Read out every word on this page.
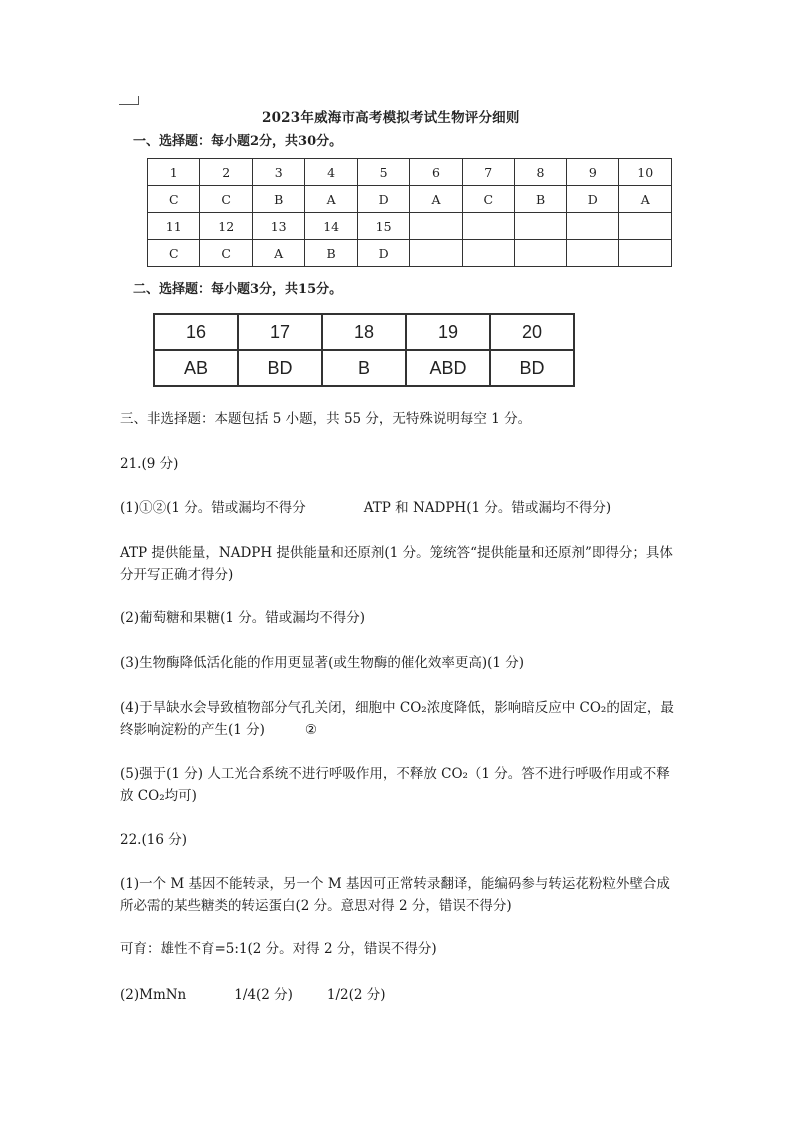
2023年威海市高考模拟考试生物评分细则
一、选择题：每小题2分，共30分。
1	2	3	4	5	6	7	8	9	10
C	C	B	A	D	A	C	B	D	A
11	12	13	14	15					
C	C	A	B	D					
二、选择题：每小题3分，共15分。
16	17	18	19	20
AB	BD	B	ABD	BD
三、非选择题：本题包括 5 小题，共 55 分，无特殊说明每空 1 分。
21.(9 分)
(1)①②(1 分。错或漏均不得分	ATP 和 NADPH(1 分。错或漏均不得分)
ATP 提供能量，NADPH 提供能量和还原剂(1 分。笼统答“提供能量和还原剂”即得分；具体分开写正确才得分)
(2)葡萄糖和果糖(1 分。错或漏均不得分)
(3)生物酶降低活化能的作用更显著(或生物酶的催化效率更高)(1 分)
(4)于旱缺水会导致植物部分气孔关闭，细胞中 CO₂浓度降低，影响暗反应中 CO₂的固定，最终影响淀粉的产生(1 分)	②
(5)强于(1 分) 人工光合系统不进行呼吸作用，不释放 CO₂（1 分。答不进行呼吸作用或不释放 CO₂均可)
22.(16 分)
(1)一个 M 基因不能转录，另一个 M 基因可正常转录翻译，能编码参与转运花粉粒外壁合成所必需的某些糖类的转运蛋白(2 分。意思对得 2 分，错误不得分)
可育：雄性不育=5:1(2 分。对得 2 分，错误不得分)
(2)MmNn	1/4(2 分)	1/2(2 分)
